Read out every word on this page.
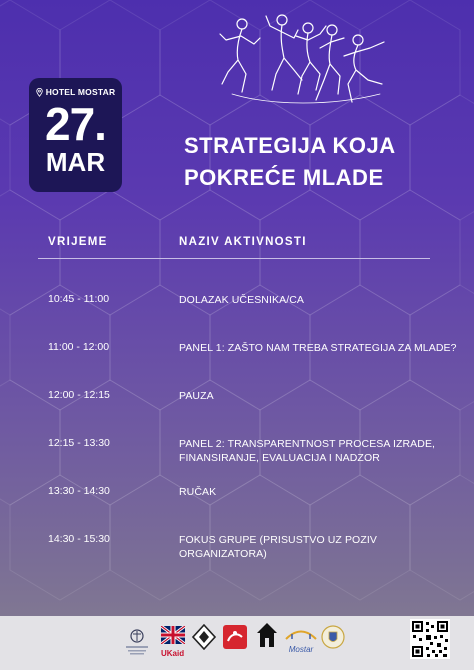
HOTEL MOSTAR
27.
MAR
STRATEGIJA KOJA
POKREĆE MLADE
VRIJEME	NAZIV AKTIVNOSTI
10:45 - 11:00	DOLAZAK UČESNIKA/CA
11:00 - 12:00	PANEL 1: ZAŠTO NAM TREBA STRATEGIJA ZA MLADE?
12:00 - 12:15	PAUZA
12:15 - 13:30	PANEL 2: TRANSPARENTNOST PROCESA IZRADE, FINANSIRANJE, EVALUACIJA I NADZOR
13:30 - 14:30	RUČAK
14:30 - 15:30	FOKUS GRUPE (PRISUSTVO UZ POZIV ORGANIZATORA)
UKaid	Mostar
